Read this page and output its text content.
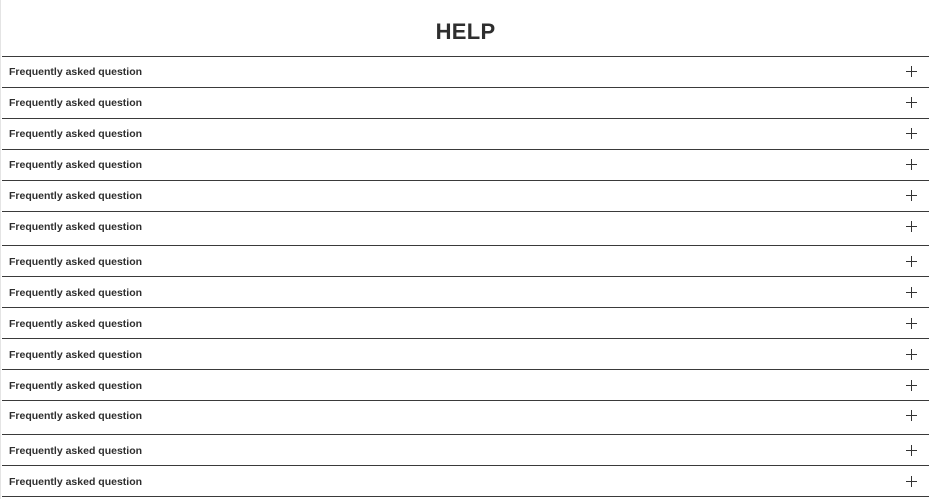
HELP
Frequently asked question
Frequently asked question
Frequently asked question
Frequently asked question
Frequently asked question
Frequently asked question
Frequently asked question
Frequently asked question
Frequently asked question
Frequently asked question
Frequently asked question
Frequently asked question
Frequently asked question
Frequently asked question
